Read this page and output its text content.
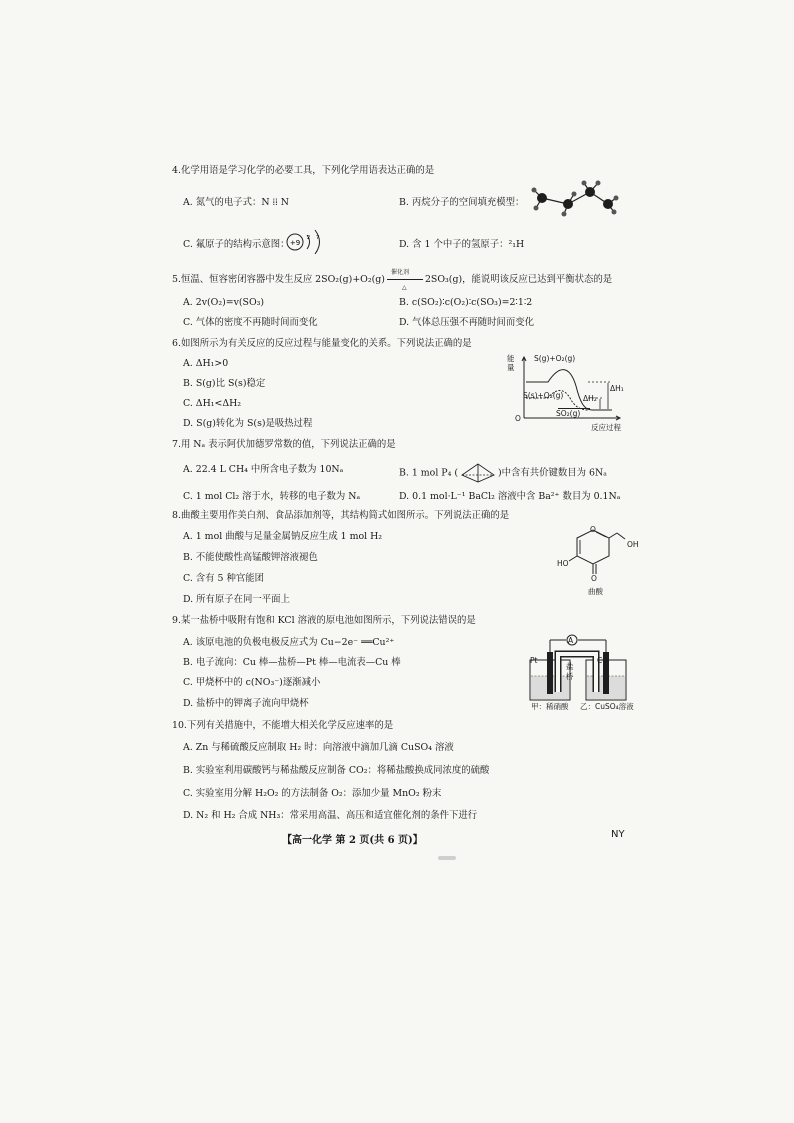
4.化学用语是学习化学的必要工具，下列化学用语表达正确的是
A. 氮气的电子式：N ⁞⁞ N	B. 丙烷分子的空间填充模型：
C. 氟原子的结构示意图： +9
2 7
D. 含 1 个中子的氢原子：²₁H
5.恒温、恒容密闭容器中发生反应 2SO₂(g)+O₂(g)
催化剂
△
2SO₃(g)，能说明该反应已达到平衡状态的是
A. 2v(O₂)=v(SO₃)	B. c(SO₂)∶c(O₂)∶c(SO₃)=2∶1∶2
C. 气体的密度不再随时间而变化	D. 气体总压强不再随时间而变化
6.如图所示为有关反应的反应过程与能量变化的关系。下列说法正确的是
A. ΔH₁>0
B. S(g)比 S(s)稳定
C. ΔH₁<ΔH₂
D. S(g)转化为 S(s)是吸热过程
能
量
S(g)+O₂(g)
S(s)+O₂(g)
SO₂(g)
ΔH₁
ΔH₂
O
反应过程
7.用 Nₐ 表示阿伏加德罗常数的值，下列说法正确的是
A. 22.4 L CH₄ 中所含电子数为 10Nₐ	B. 1 mol P₄ (	)中含有共价键数目为 6Nₐ
C. 1 mol Cl₂ 溶于水，转移的电子数为 Nₐ	D. 0.1 mol·L⁻¹ BaCl₂ 溶液中含 Ba²⁺ 数目为 0.1Nₐ
8.曲酸主要用作美白剂、食品添加剂等，其结构简式如图所示。下列说法正确的是
A. 1 mol 曲酸与足量金属钠反应生成 1 mol H₂
B. 不能使酸性高锰酸钾溶液褪色
C. 含有 5 种官能团
D. 所有原子在同一平面上
O
OH
HO
O
曲酸
9.某一盐桥中吸附有饱和 KCl 溶液的原电池如图所示，下列说法错误的是
A. 该原电池的负极电极反应式为 Cu−2e⁻ ══Cu²⁺
B. 电子流向：Cu 棒—盐桥—Pt 棒—电流表—Cu 棒
C. 甲烧杯中的 c(NO₃⁻)逐渐减小
D. 盐桥中的钾离子流向甲烧杯
A
Pt	Cu
盐
桥
甲：稀硝酸 乙：CuSO₄溶液
10.下列有关措施中，不能增大相关化学反应速率的是
A. Zn 与稀硫酸反应制取 H₂ 时：向溶液中滴加几滴 CuSO₄ 溶液
B. 实验室利用碳酸钙与稀盐酸反应制备 CO₂：将稀盐酸换成同浓度的硫酸
C. 实验室用分解 H₂O₂ 的方法制备 O₂：添加少量 MnO₂ 粉末
D. N₂ 和 H₂ 合成 NH₃：常采用高温、高压和适宜催化剂的条件下进行
【高一化学 第 2 页(共 6 页)】
NY
